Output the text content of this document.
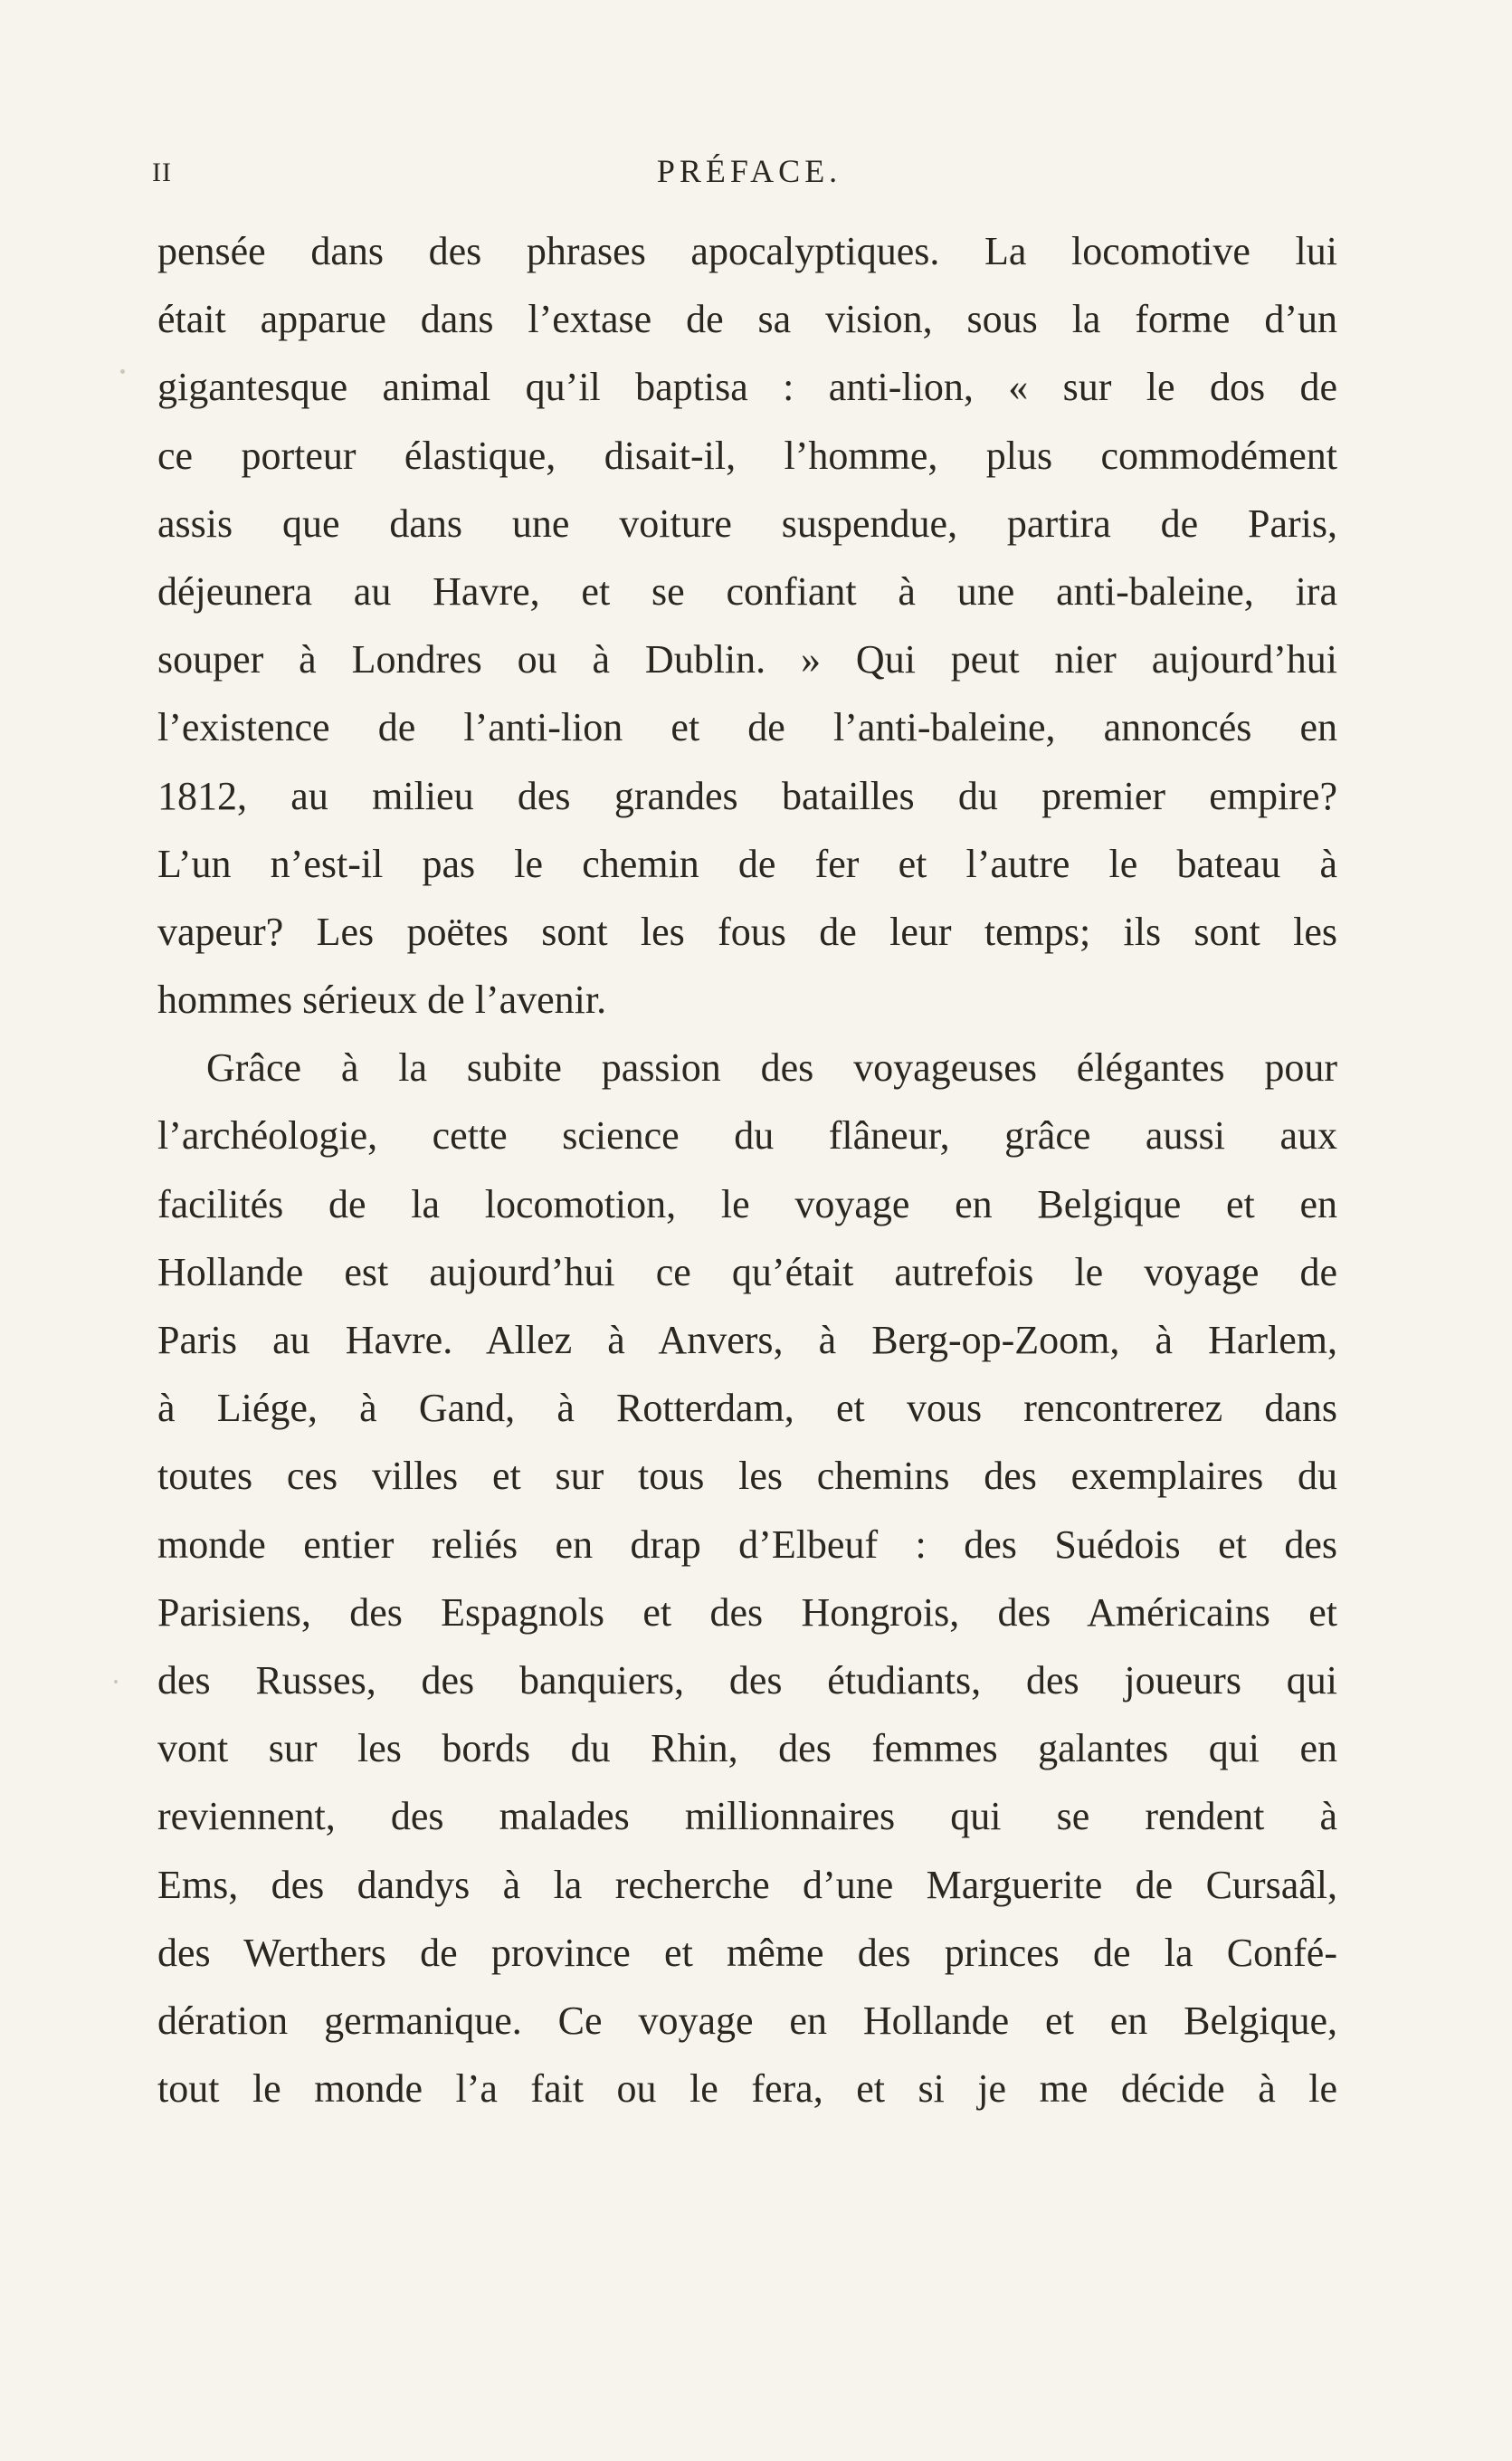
II	PRÉFACE.
pensée dans des phrases apocalyptiques. La locomotive lui
était apparue dans l’extase de sa vision, sous la forme d’un
gigantesque animal qu’il baptisa : anti-lion, « sur le dos de
ce porteur élastique, disait-il, l’homme, plus commodément
assis que dans une voiture suspendue, partira de Paris,
déjeunera au Havre, et se confiant à une anti-baleine, ira
souper à Londres ou à Dublin. » Qui peut nier aujourd’hui
l’existence de l’anti-lion et de l’anti-baleine, annoncés en
1812, au milieu des grandes batailles du premier empire?
L’un n’est-il pas le chemin de fer et l’autre le bateau à
vapeur? Les poëtes sont les fous de leur temps; ils sont les
hommes sérieux de l’avenir.
Grâce à la subite passion des voyageuses élégantes pour
l’archéologie, cette science du flâneur, grâce aussi aux
facilités de la locomotion, le voyage en Belgique et en
Hollande est aujourd’hui ce qu’était autrefois le voyage de
Paris au Havre. Allez à Anvers, à Berg-op-Zoom, à Harlem,
à Liége, à Gand, à Rotterdam, et vous rencontrerez dans
toutes ces villes et sur tous les chemins des exemplaires du
monde entier reliés en drap d’Elbeuf : des Suédois et des
Parisiens, des Espagnols et des Hongrois, des Américains et
des Russes, des banquiers, des étudiants, des joueurs qui
vont sur les bords du Rhin, des femmes galantes qui en
reviennent, des malades millionnaires qui se rendent à
Ems, des dandys à la recherche d’une Marguerite de Cursaâl,
des Werthers de province et même des princes de la Confé-
dération germanique. Ce voyage en Hollande et en Belgique,
tout le monde l’a fait ou le fera, et si je me décide à le
